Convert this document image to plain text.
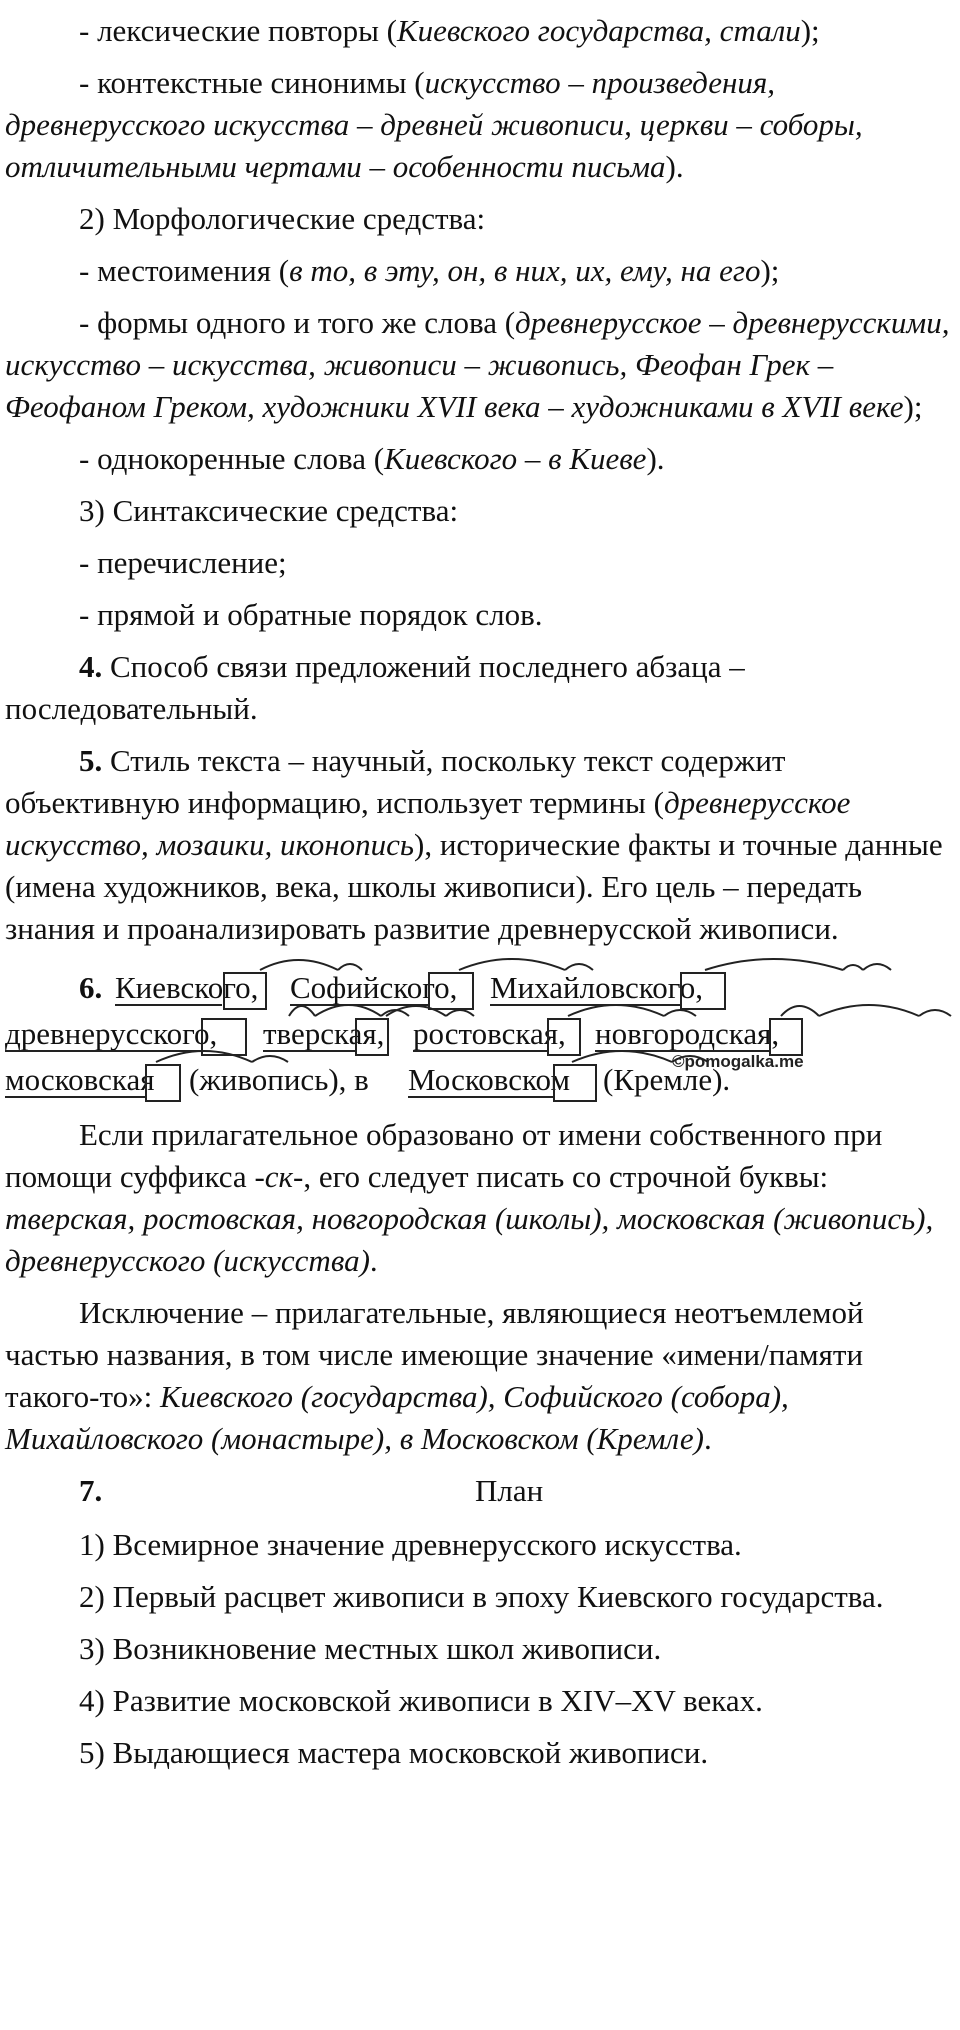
- лексические повторы (Киевского государства, стали);

- контекстные синонимы (искусство – произведения, древнерусского искусства – древней живописи, церкви – соборы, отличительными чертами – особенности письма).

2) Морфологические средства:

- местоимения (в то, в эту, он, в них, их, ему, на его);

- формы одного и того же слова (древнерусское – древнерусскими, искусство – искусства, живописи – живопись, Феофан Грек – Феофаном Греком, художники XVII века – художниками в XVII веке);

- однокоренные слова (Киевского – в Киеве).

3) Синтаксические средства:

- перечисление;

- прямой и обратные порядок слов.

4. Способ связи предложений последнего абзаца – последовательный.

5. Стиль текста – научный, поскольку текст содержит объективную информацию, использует термины (древнерусское искусство, мозаики, иконопись), исторические факты и точные данные (имена художников, века, школы живописи). Его цель – передать знания и проанализировать развитие древнерусской живописи.

6. Киевского, Софийского, Михайловского,
древнерусского, тверская, ростовская, новгородская,
московская (живопись), в Московском (Кремле).

Если прилагательное образовано от имени собственного при помощи суффикса -ск-, его следует писать со строчной буквы: тверская, ростовская, новгородская (школы), московская (живопись), древнерусского (искусства).

Исключение – прилагательные, являющиеся неотъемлемой частью названия, в том числе имеющие значение «имени/памяти такого-то»: Киевского (государства), Софийского (собора), Михайловского (монастыре), в Московском (Кремле).

7.	План

1) Всемирное значение древнерусского искусства.

2) Первый расцвет живописи в эпоху Киевского государства.

3) Возникновение местных школ живописи.

4) Развитие московской живописи в XIV–XV веках.

5) Выдающиеся мастера московской живописи.

©pomogalka.me
